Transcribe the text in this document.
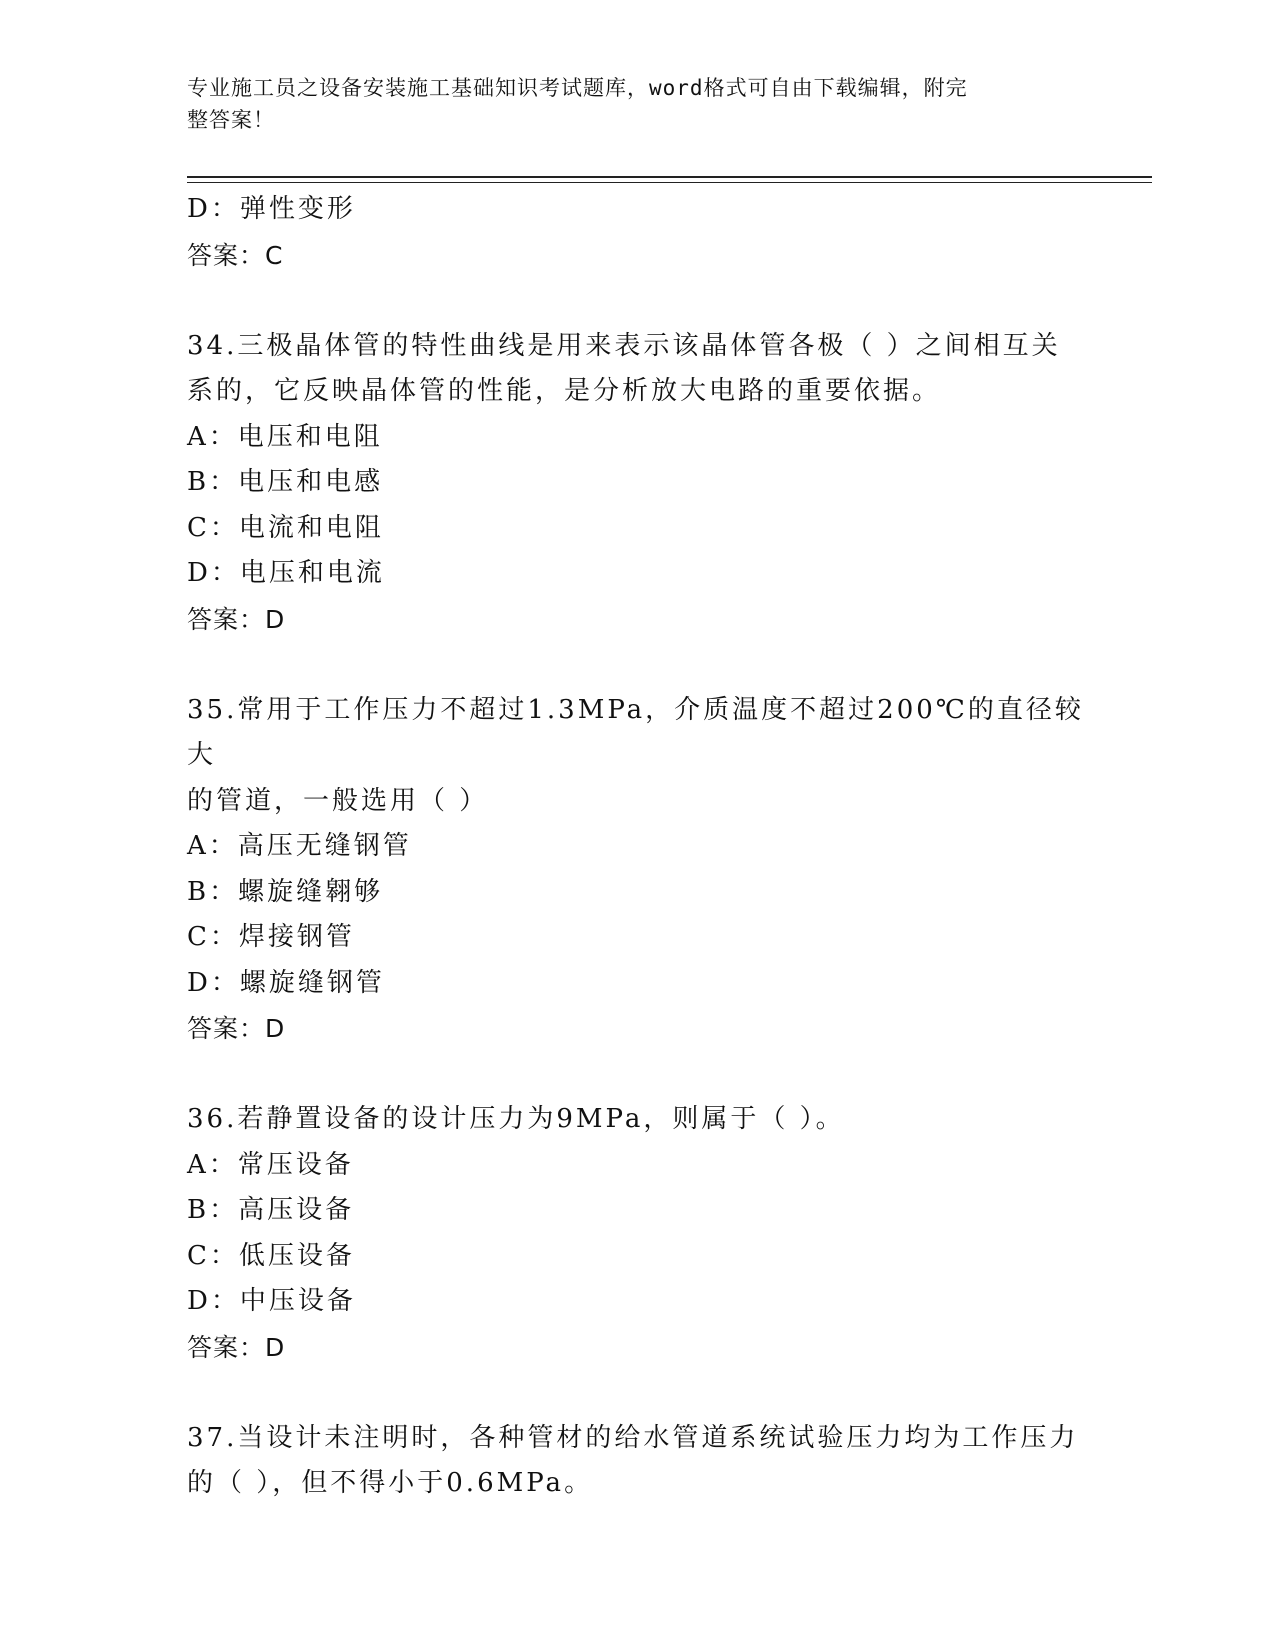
专业施工员之设备安装施工基础知识考试题库，word格式可自由下载编辑，附完
整答案！
D：弹性变形
答案：C
34.三极晶体管的特性曲线是用来表示该晶体管各极（ ）之间相互关
系的，它反映晶体管的性能，是分析放大电路的重要依据。
A：电压和电阻
B：电压和电感
C：电流和电阻
D：电压和电流
答案：D
35.常用于工作压力不超过1.3MPa，介质温度不超过200℃的直径较大
的管道，一般选用（ ）
A：高压无缝钢管
B：螺旋缝翱够
C：焊接钢管
D：螺旋缝钢管
答案：D
36.若静置设备的设计压力为9MPa，则属于（ ）。
A：常压设备
B：高压设备
C：低压设备
D：中压设备
答案：D
37.当设计未注明时，各种管材的给水管道系统试验压力均为工作压力
的（ ），但不得小于0.6MPa。
